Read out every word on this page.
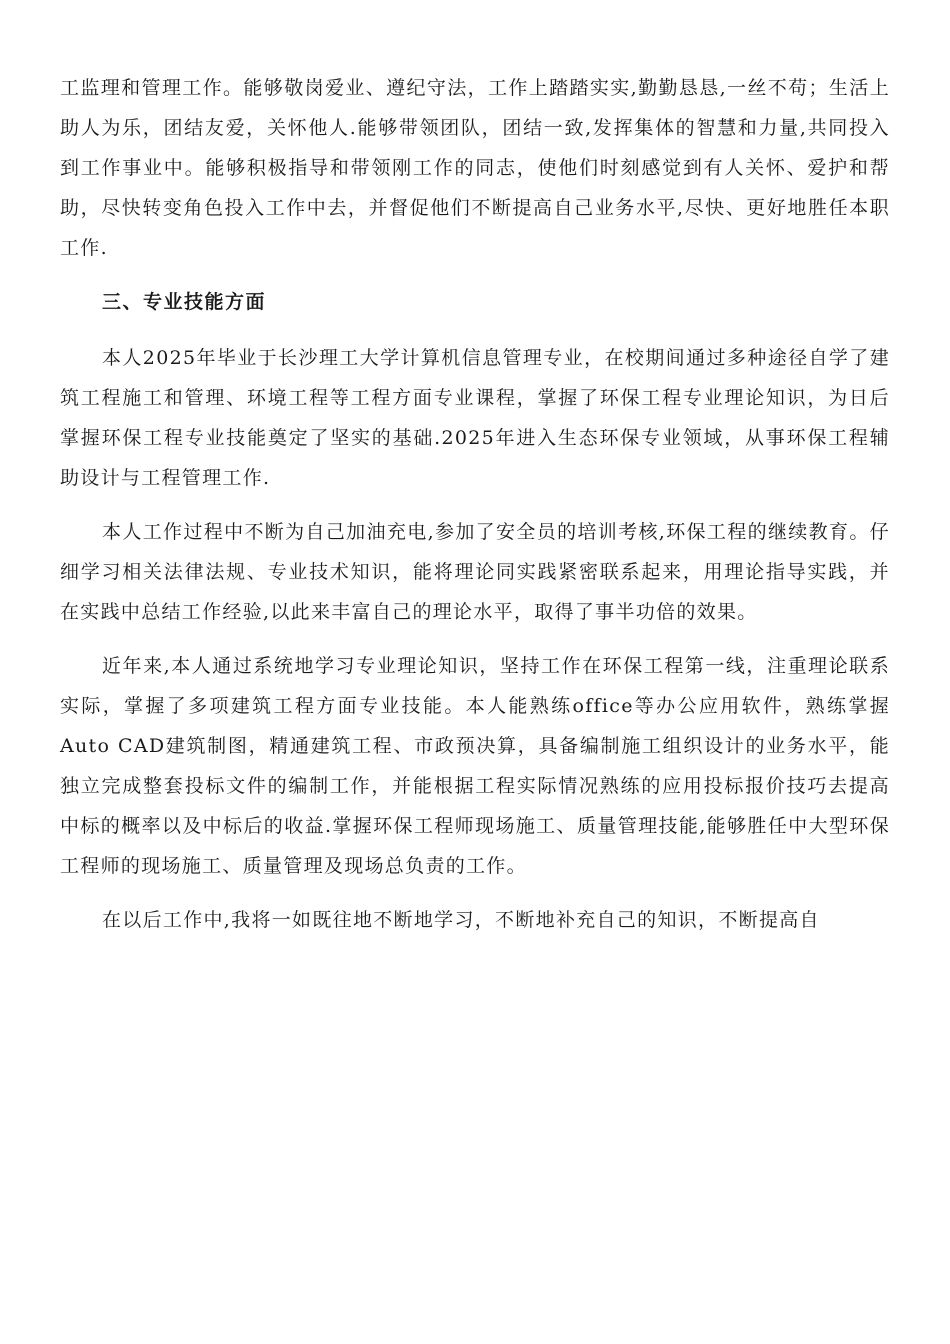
工监理和管理工作。能够敬岗爱业、遵纪守法，工作上踏踏实实,勤勤恳恳,一丝不苟；生活上助人为乐，团结友爱，关怀他人.能够带领团队，团结一致,发挥集体的智慧和力量,共同投入到工作事业中。能够积极指导和带领刚工作的同志，使他们时刻感觉到有人关怀、爱护和帮助，尽快转变角色投入工作中去，并督促他们不断提高自己业务水平,尽快、更好地胜任本职工作.

三、专业技能方面

本人2025年毕业于长沙理工大学计算机信息管理专业，在校期间通过多种途径自学了建筑工程施工和管理、环境工程等工程方面专业课程，掌握了环保工程专业理论知识，为日后掌握环保工程专业技能奠定了坚实的基础.2025年进入生态环保专业领域，从事环保工程辅助设计与工程管理工作.

本人工作过程中不断为自己加油充电,参加了安全员的培训考核,环保工程的继续教育。仔细学习相关法律法规、专业技术知识，能将理论同实践紧密联系起来，用理论指导实践，并在实践中总结工作经验,以此来丰富自己的理论水平，取得了事半功倍的效果。

近年来,本人通过系统地学习专业理论知识，坚持工作在环保工程第一线，注重理论联系实际，掌握了多项建筑工程方面专业技能。本人能熟练office等办公应用软件，熟练掌握Auto CAD建筑制图，精通建筑工程、市政预决算，具备编制施工组织设计的业务水平，能独立完成整套投标文件的编制工作，并能根据工程实际情况熟练的应用投标报价技巧去提高中标的概率以及中标后的收益.掌握环保工程师现场施工、质量管理技能,能够胜任中大型环保工程师的现场施工、质量管理及现场总负责的工作。

在以后工作中,我将一如既往地不断地学习，不断地补充自己的知识，不断提高自
